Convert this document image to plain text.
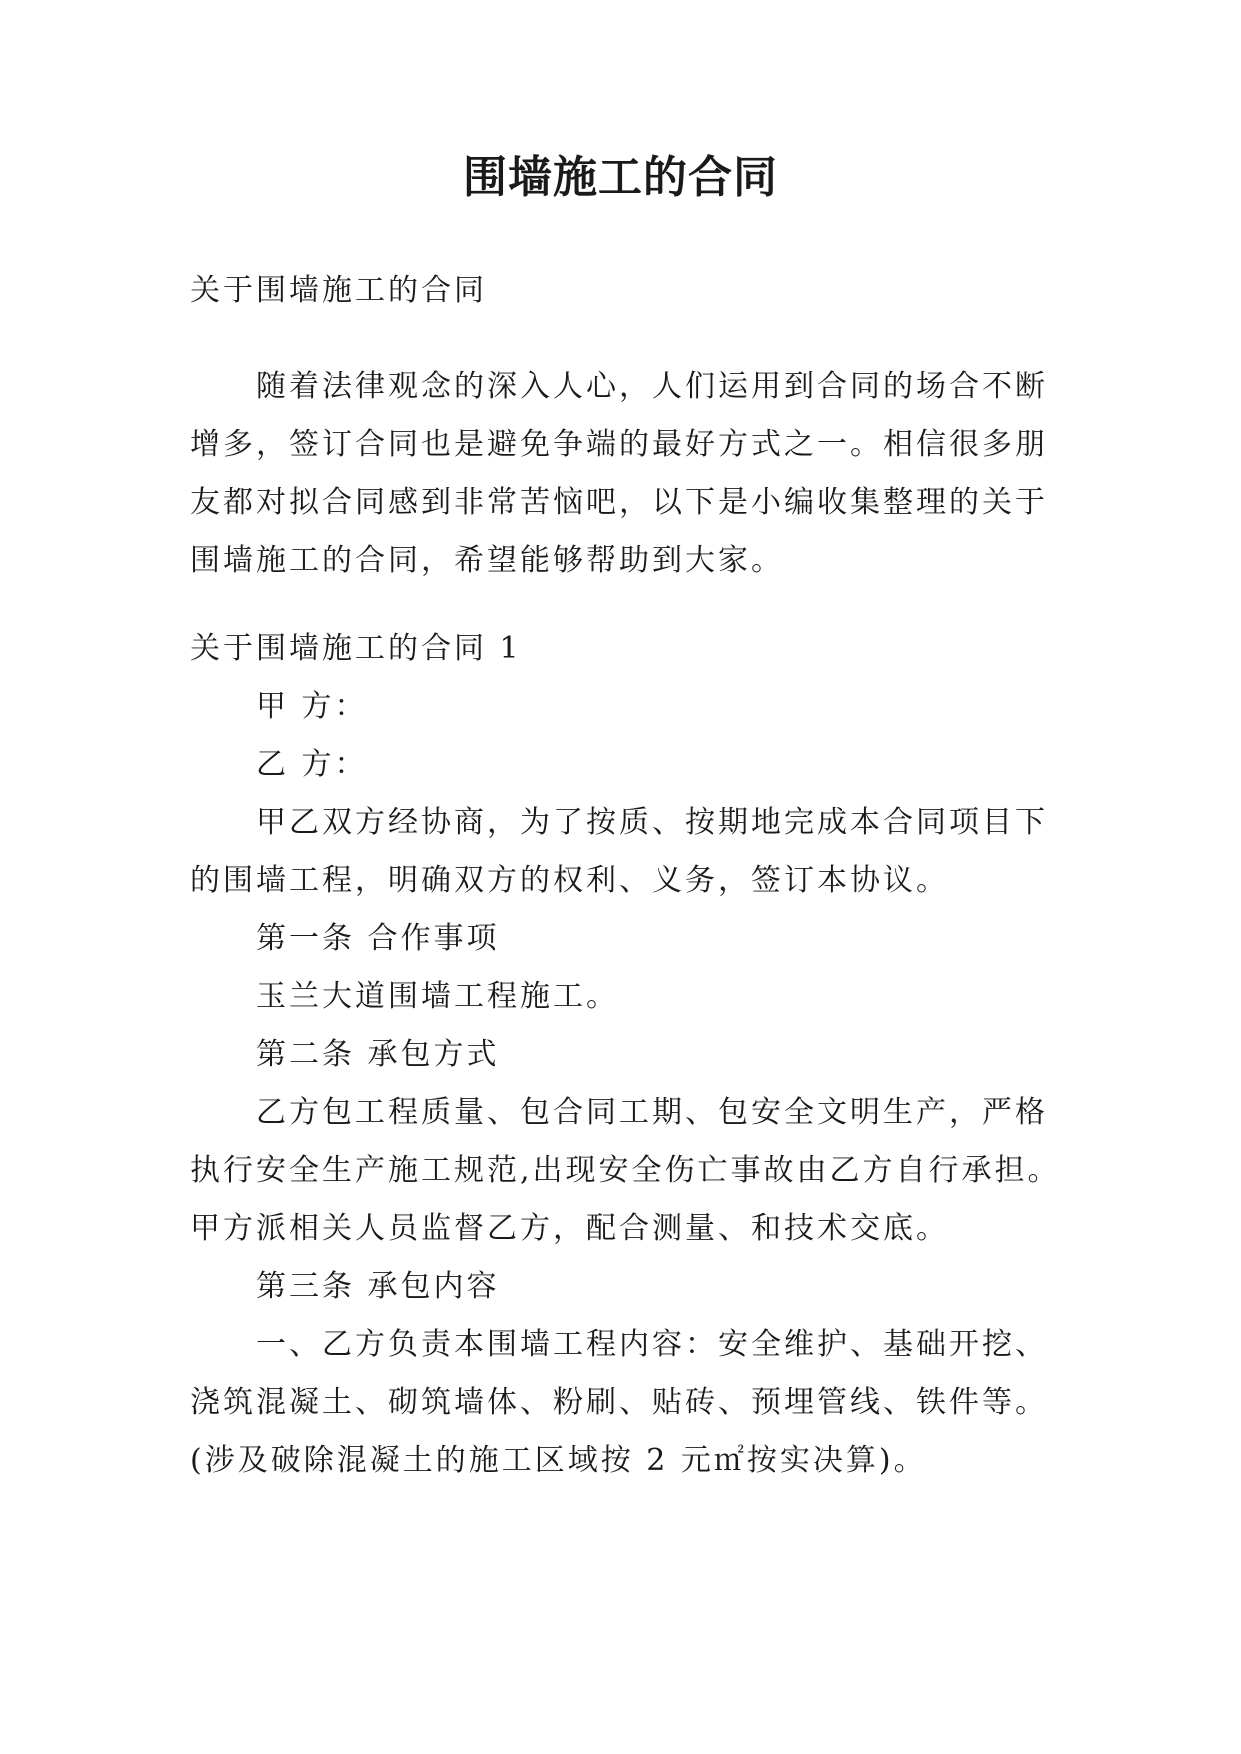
围墙施工的合同

关于围墙施工的合同

随着法律观念的深入人心，人们运用到合同的场合不断
增多，签订合同也是避免争端的最好方式之一。相信很多朋
友都对拟合同感到非常苦恼吧，以下是小编收集整理的关于
围墙施工的合同，希望能够帮助到大家。

关于围墙施工的合同 1
甲 方：
乙 方：
甲乙双方经协商，为了按质、按期地完成本合同项目下
的围墙工程，明确双方的权利、义务，签订本协议。
第一条 合作事项
玉兰大道围墙工程施工。
第二条 承包方式
乙方包工程质量、包合同工期、包安全文明生产，严格
执行安全生产施工规范,出现安全伤亡事故由乙方自行承担。
甲方派相关人员监督乙方，配合测量、和技术交底。
第三条 承包内容
一、乙方负责本围墙工程内容：安全维护、基础开挖、
浇筑混凝土、砌筑墙体、粉刷、贴砖、预埋管线、铁件等。
(涉及破除混凝土的施工区域按 2 元㎡按实决算)。
